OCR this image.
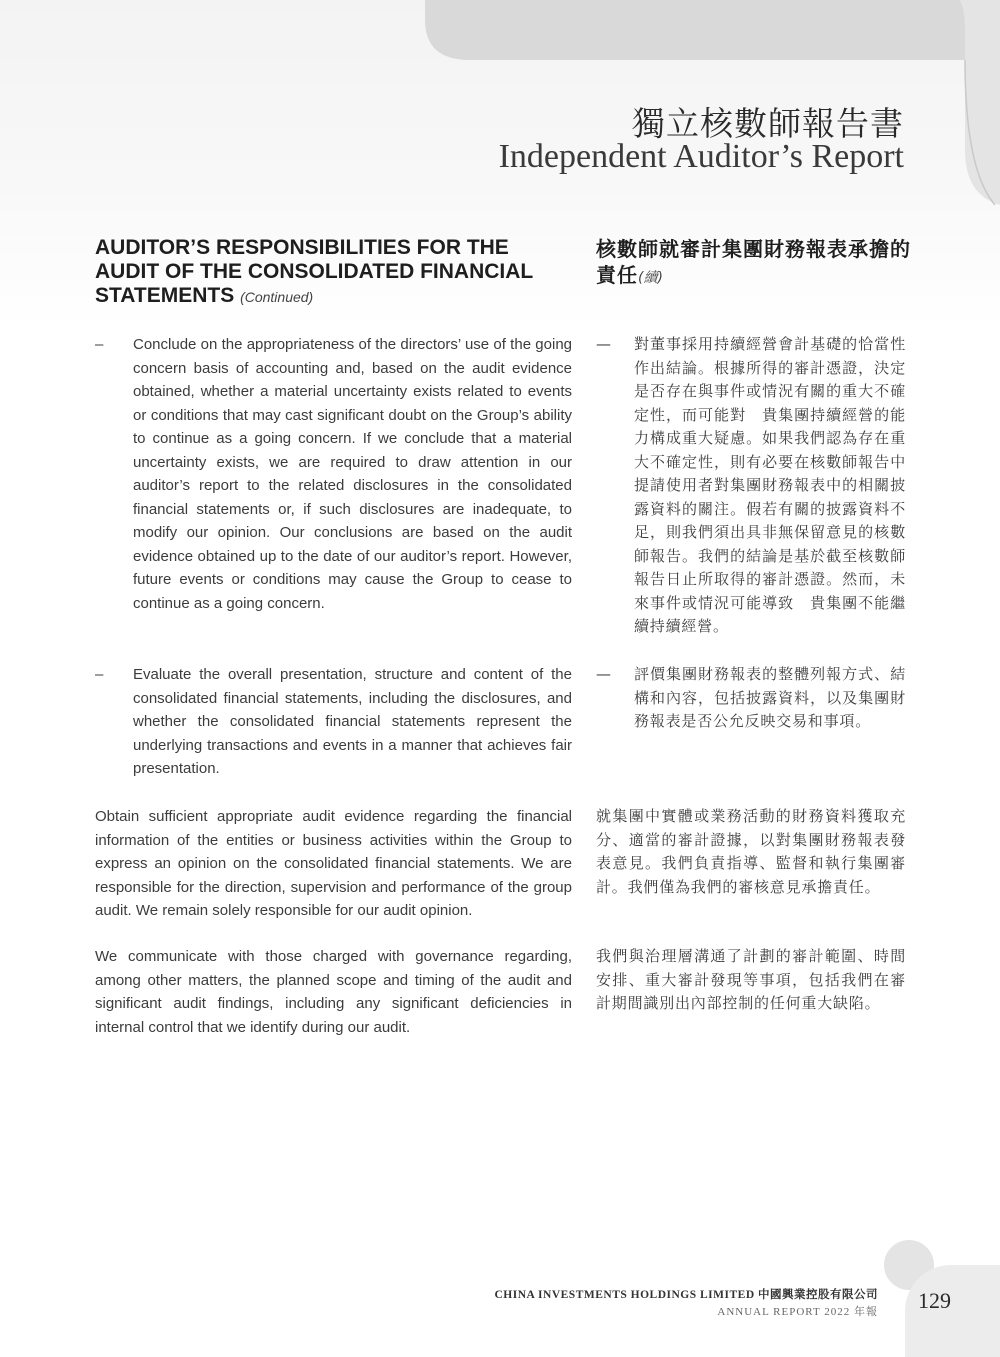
獨立核數師報告書
Independent Auditor’s Report
AUDITOR’S RESPONSIBILITIES FOR THE AUDIT OF THE CONSOLIDATED FINANCIAL STATEMENTS (Continued)
核數師就審計集團財務報表承擔的責任(續)
–	Conclude on the appropriateness of the directors’ use of the going concern basis of accounting and, based on the audit evidence obtained, whether a material uncertainty exists related to events or conditions that may cast significant doubt on the Group’s ability to continue as a going concern. If we conclude that a material uncertainty exists, we are required to draw attention in our auditor’s report to the related disclosures in the consolidated financial statements or, if such disclosures are inadequate, to modify our opinion. Our conclusions are based on the audit evidence obtained up to the date of our auditor’s report. However, future events or conditions may cause the Group to cease to continue as a going concern.
—	對董事採用持續經營會計基礎的恰當性作出結論。根據所得的審計憑證，決定是否存在與事件或情況有關的重大不確定性，而可能對　貴集團持續經營的能力構成重大疑慮。如果我們認為存在重大不確定性，則有必要在核數師報告中提請使用者對集團財務報表中的相關披露資料的關注。假若有關的披露資料不足，則我們須出具非無保留意見的核數師報告。我們的結論是基於截至核數師報告日止所取得的審計憑證。然而，未來事件或情況可能導致　貴集團不能繼續持續經營。
–	Evaluate the overall presentation, structure and content of the consolidated financial statements, including the disclosures, and whether the consolidated financial statements represent the underlying transactions and events in a manner that achieves fair presentation.
—	評價集團財務報表的整體列報方式、結構和內容，包括披露資料，以及集團財務報表是否公允反映交易和事項。
Obtain sufficient appropriate audit evidence regarding the financial information of the entities or business activities within the Group to express an opinion on the consolidated financial statements. We are responsible for the direction, supervision and performance of the group audit. We remain solely responsible for our audit opinion.
就集團中實體或業務活動的財務資料獲取充分、適當的審計證據，以對集團財務報表發表意見。我們負責指導、監督和執行集團審計。我們僅為我們的審核意見承擔責任。
We communicate with those charged with governance regarding, among other matters, the planned scope and timing of the audit and significant audit findings, including any significant deficiencies in internal control that we identify during our audit.
我們與治理層溝通了計劃的審計範圍、時間安排、重大審計發現等事項，包括我們在審計期間識別出內部控制的任何重大缺陷。
CHINA INVESTMENTS HOLDINGS LIMITED 中國興業控股有限公司
ANNUAL REPORT 2022 年報 129
